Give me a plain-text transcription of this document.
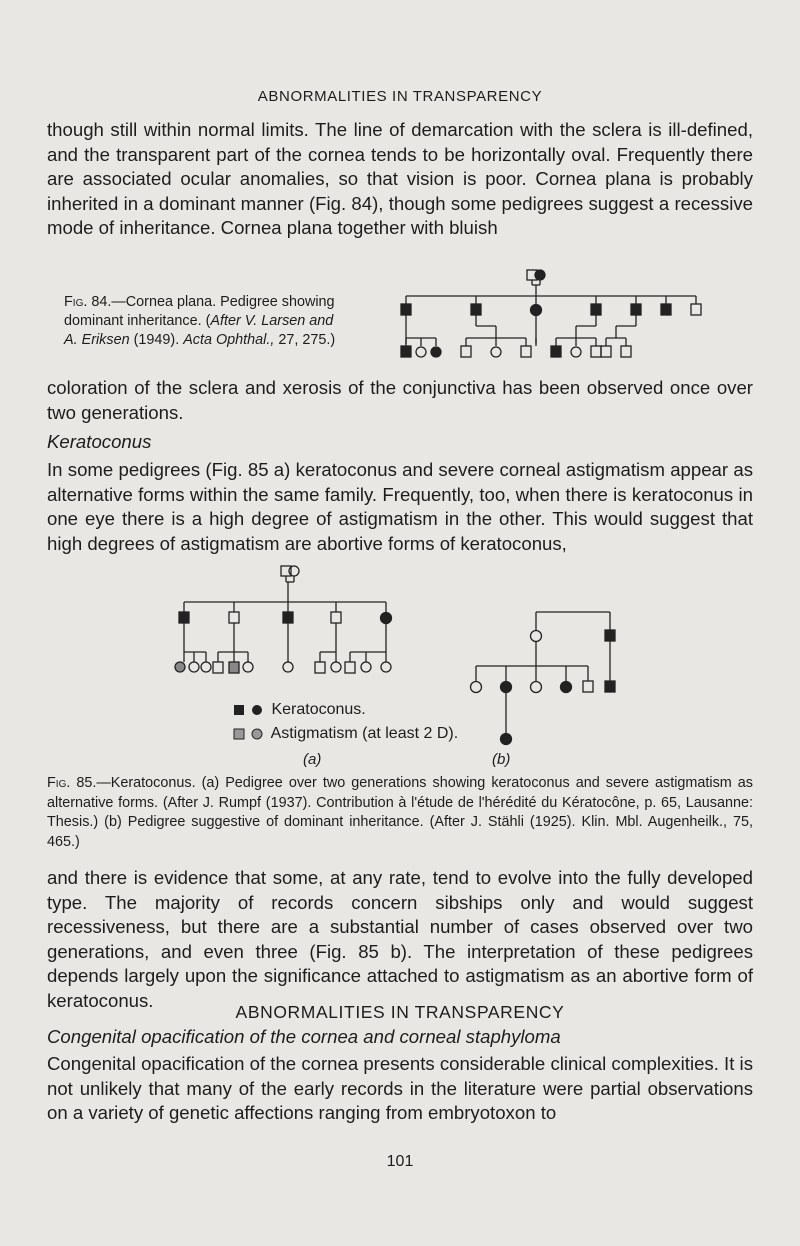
ABNORMALITIES IN TRANSPARENCY

though still within normal limits. The line of demarcation with the sclera is ill-defined, and the transparent part of the cornea tends to be horizontally oval. Frequently there are associated ocular anomalies, so that vision is poor. Cornea plana is probably inherited in a dominant manner (Fig. 84), though some pedigrees suggest a recessive mode of inheritance. Cornea plana together with bluish

Fig. 84.—Cornea plana. Pedigree showing dominant inheritance. (After V. Larsen and A. Eriksen (1949). Acta Ophthal., 27, 275.)

coloration of the sclera and xerosis of the conjunctiva has been observed once over two generations.

Keratoconus

In some pedigrees (Fig. 85 a) keratoconus and severe corneal astigmatism appear as alternative forms within the same family. Frequently, too, when there is keratoconus in one eye there is a high degree of astigmatism in the other. This would suggest that high degrees of astigmatism are abortive forms of keratoconus,

Keratoconus.
Astigmatism (at least 2 D).
(a)	(b)

Fig. 85.—Keratoconus. (a) Pedigree over two generations showing keratoconus and severe astigmatism as alternative forms. (After J. Rumpf (1937). Contribution à l'étude de l'hérédité du Kératocône, p. 65, Lausanne: Thesis.) (b) Pedigree suggestive of dominant inheritance. (After J. Stähli (1925). Klin. Mbl. Augenheilk., 75, 465.)

and there is evidence that some, at any rate, tend to evolve into the fully developed type. The majority of records concern sibships only and would suggest recessiveness, but there are a substantial number of cases observed over two generations, and even three (Fig. 85 b). The interpretation of these pedigrees depends largely upon the significance attached to astigmatism as an abortive form of keratoconus.

ABNORMALITIES IN TRANSPARENCY
Congenital opacification of the cornea and corneal staphyloma

Congenital opacification of the cornea presents considerable clinical complexities. It is not unlikely that many of the early records in the literature were partial observations on a variety of genetic affections ranging from embryotoxon to

101
